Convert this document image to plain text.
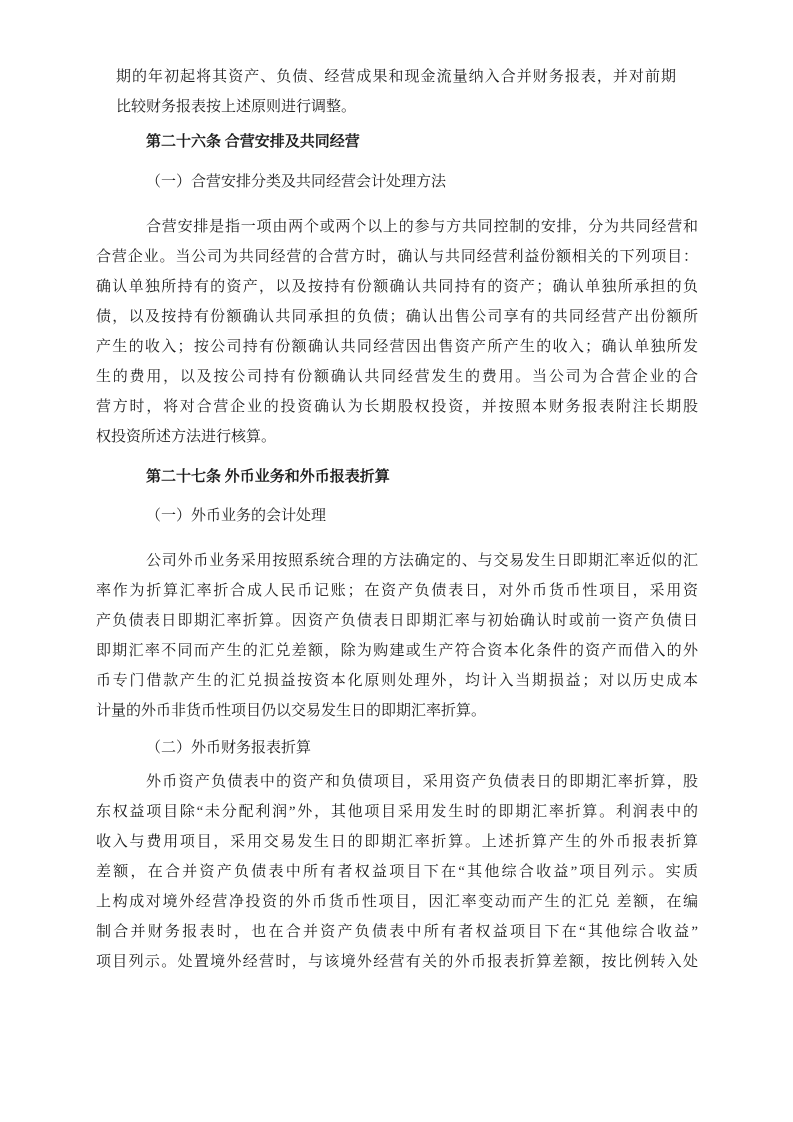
期的年初起将其资产、负债、经营成果和现金流量纳入合并财务报表，并对前期
比较财务报表按上述原则进行调整。
第二十六条 合营安排及共同经营
（一）合营安排分类及共同经营会计处理方法
合营安排是指一项由两个或两个以上的参与方共同控制的安排，分为共同经营和
合营企业。当公司为共同经营的合营方时，确认与共同经营利益份额相关的下列项目：
确认单独所持有的资产，以及按持有份额确认共同持有的资产；确认单独所承担的负
债，以及按持有份额确认共同承担的负债；确认出售公司享有的共同经营产出份额所
产生的收入；按公司持有份额确认共同经营因出售资产所产生的收入；确认单独所发
生的费用，以及按公司持有份额确认共同经营发生的费用。当公司为合营企业的合
营方时，将对合营企业的投资确认为长期股权投资，并按照本财务报表附注长期股
权投资所述方法进行核算。
第二十七条 外币业务和外币报表折算
（一）外币业务的会计处理
公司外币业务采用按照系统合理的方法确定的、与交易发生日即期汇率近似的汇
率作为折算汇率折合成人民币记账；在资产负债表日，对外币货币性项目，采用资
产负债表日即期汇率折算。因资产负债表日即期汇率与初始确认时或前一资产负债日
即期汇率不同而产生的汇兑差额，除为购建或生产符合资本化条件的资产而借入的外
币专门借款产生的汇兑损益按资本化原则处理外，均计入当期损益；对以历史成本
计量的外币非货币性项目仍以交易发生日的即期汇率折算。
（二）外币财务报表折算
外币资产负债表中的资产和负债项目，采用资产负债表日的即期汇率折算，股
东权益项目除“未分配利润”外，其他项目采用发生时的即期汇率折算。利润表中的
收入与费用项目，采用交易发生日的即期汇率折算。上述折算产生的外币报表折算
差额，在合并资产负债表中所有者权益项目下在“其他综合收益”项目列示。实质
上构成对境外经营净投资的外币货币性项目，因汇率变动而产生的汇兑 差额，在编
制合并财务报表时，也在合并资产负债表中所有者权益项目下在“其他综合收益”
项目列示。处置境外经营时，与该境外经营有关的外币报表折算差额，按比例转入处
